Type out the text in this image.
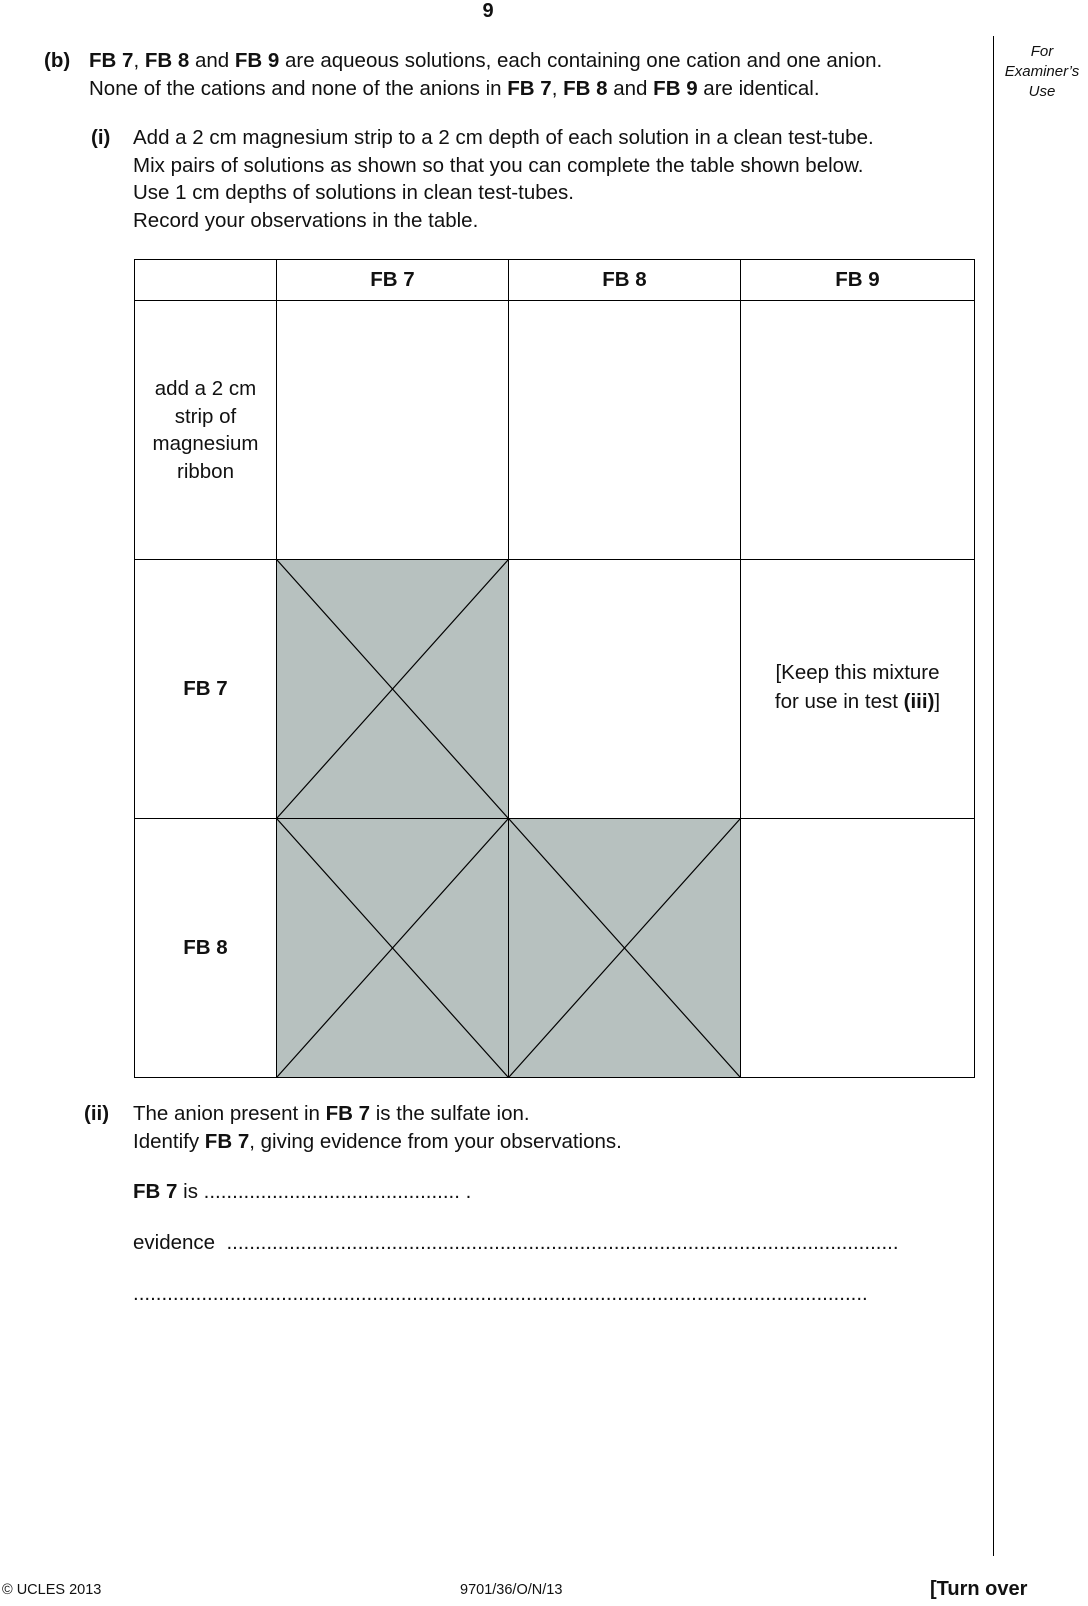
9
For
Examiner’s
Use
(b) FB 7, FB 8 and FB 9 are aqueous solutions, each containing one cation and one anion.
None of the cations and none of the anions in FB 7, FB 8 and FB 9 are identical.
(i) Add a 2 cm magnesium strip to a 2 cm depth of each solution in a clean test-tube.
Mix pairs of solutions as shown so that you can complete the table shown below.
Use 1 cm depths of solutions in clean test-tubes.
Record your observations in the table.
	FB 7	FB 8	FB 9

add a 2 cm
strip of
magnesium
ribbon			

FB 7			[Keep this mixture
for use in test (iii)]

FB 8	

(ii) The anion present in FB 7 is the sulfate ion.
Identify FB 7, giving evidence from your observations.
FB 7 is ............................................. .
evidence ......................................................................................................................
.................................................................................................................................
© UCLES 2013	9701/36/O/N/13	[Turn over
